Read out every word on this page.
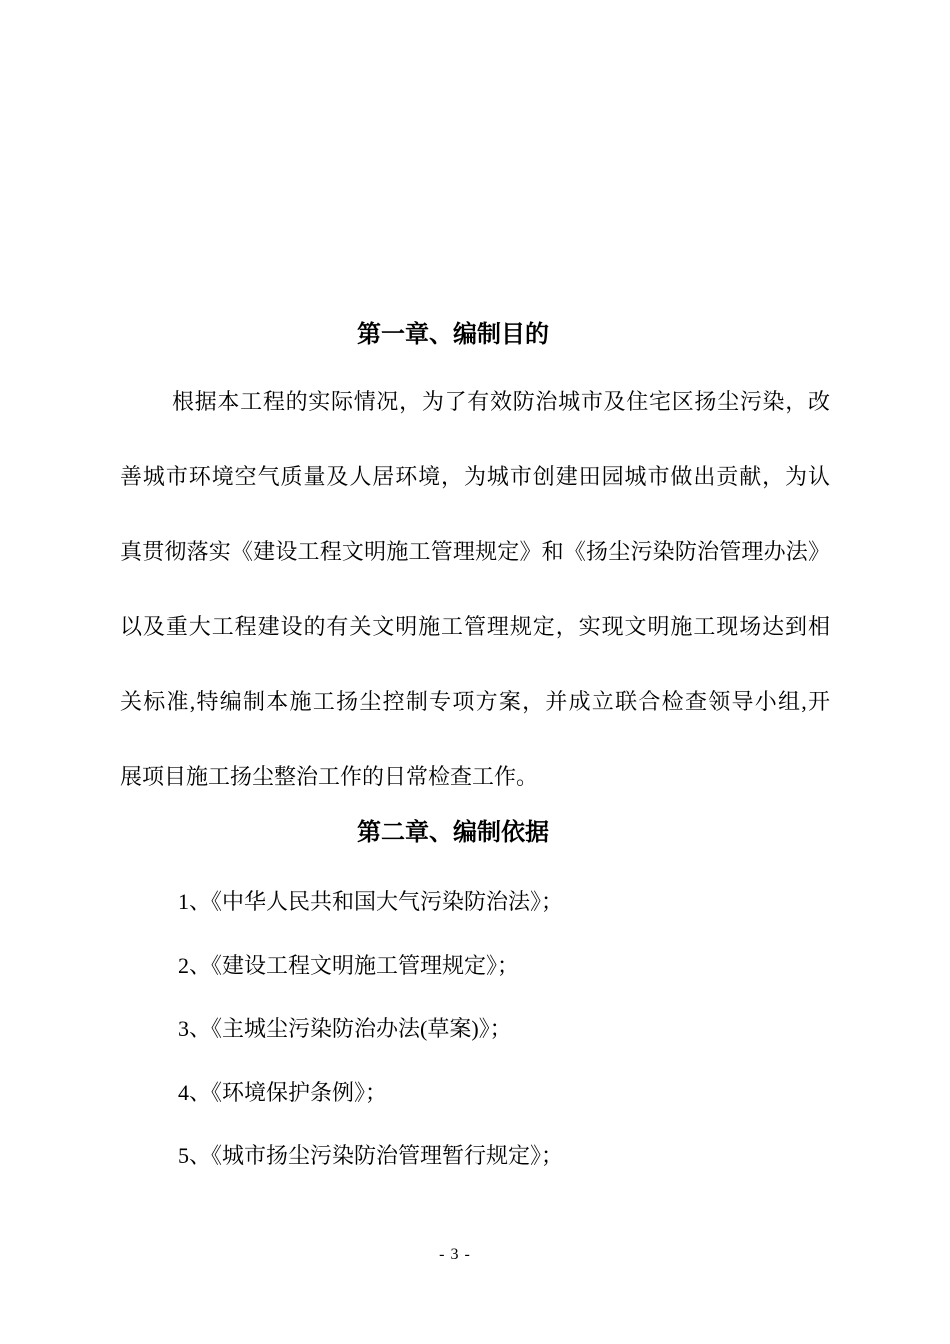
第一章、编制目的
根据本工程的实际情况，为了有效防治城市及住宅区扬尘污染，改
善城市环境空气质量及人居环境，为城市创建田园城市做出贡献，为认
真贯彻落实《建设工程文明施工管理规定》和《扬尘污染防治管理办法》
以及重大工程建设的有关文明施工管理规定，实现文明施工现场达到相
关标准,特编制本施工扬尘控制专项方案，并成立联合检查领导小组,开
展项目施工扬尘整治工作的日常检查工作。
第二章、编制依据
1、《中华人民共和国大气污染防治法》；
2、《建设工程文明施工管理规定》；
3、《主城尘污染防治办法(草案)》；
4、《环境保护条例》；
5、《城市扬尘污染防治管理暂行规定》；
- 3 -
